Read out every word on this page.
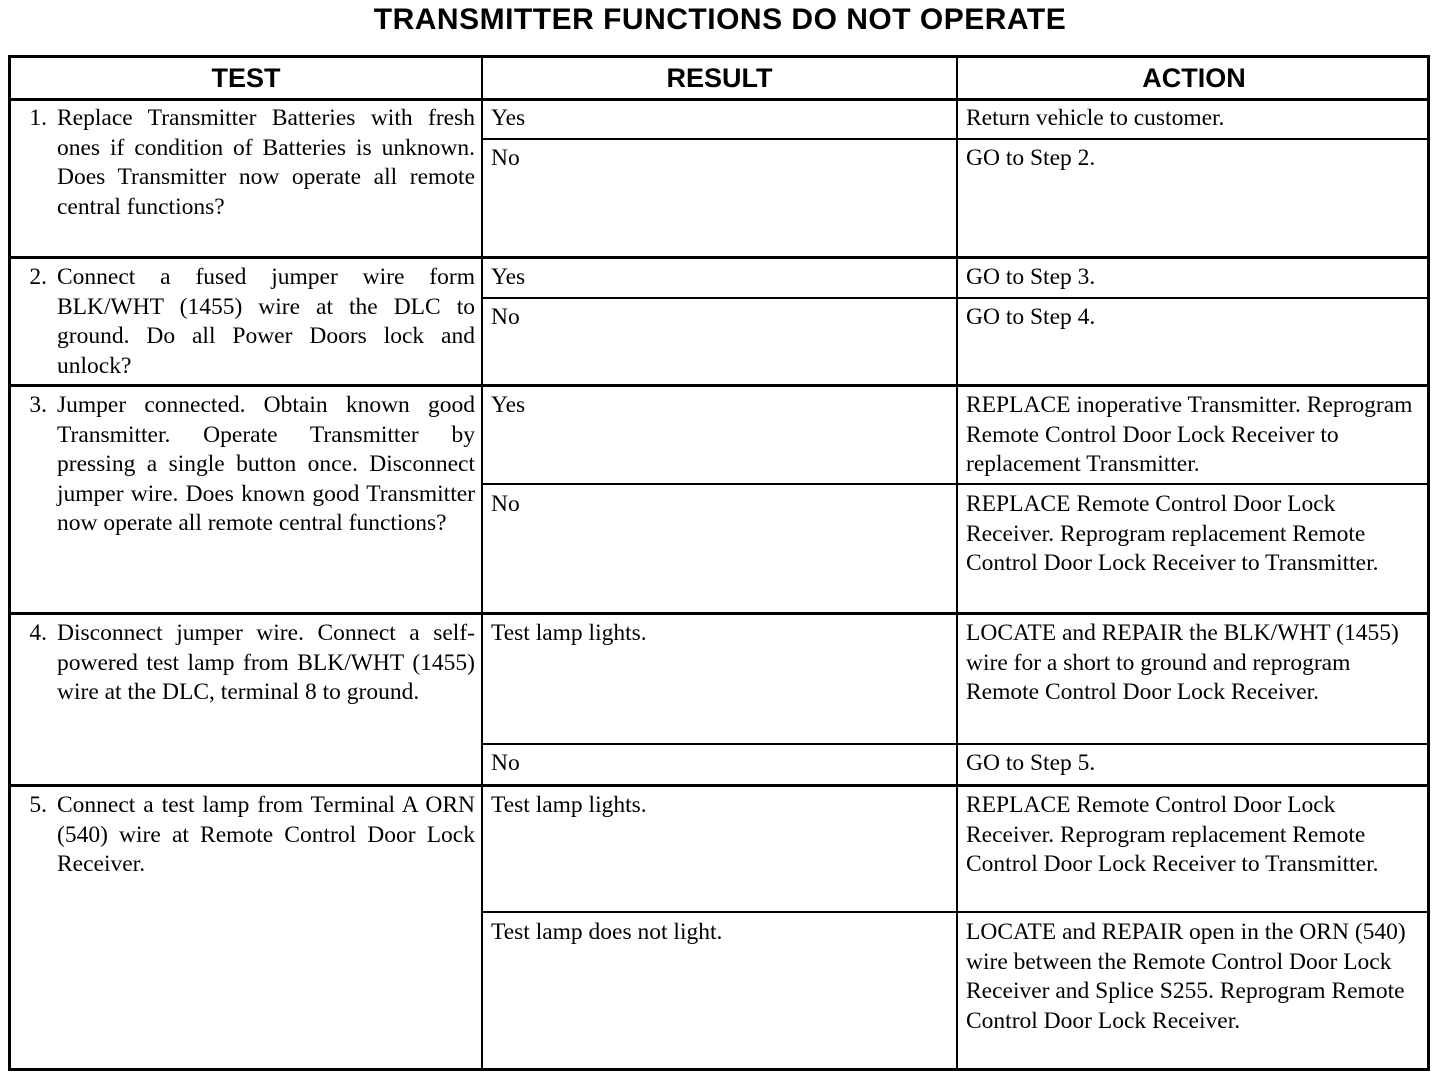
TRANSMITTER FUNCTIONS DO NOT OPERATE
TEST	RESULT	ACTION
1. Replace Transmitter Batteries with fresh ones if condition of Batteries is unknown. Does Transmitter now operate all remote central functions?
Yes	Return vehicle to customer.
No	GO to Step 2.
2. Connect a fused jumper wire form BLK/WHT (1455) wire at the DLC to ground. Do all Power Doors lock and unlock?
Yes	GO to Step 3.
No	GO to Step 4.
3. Jumper connected. Obtain known good Transmitter. Operate Transmitter by pressing a single button once. Disconnect jumper wire. Does known good Transmitter now operate all remote central functions?
Yes	REPLACE inoperative Transmitter. Reprogram Remote Control Door Lock Receiver to replacement Transmitter.
No	REPLACE Remote Control Door Lock Receiver. Reprogram replacement Remote Control Door Lock Receiver to Transmitter.
4. Disconnect jumper wire. Connect a self-powered test lamp from BLK/WHT (1455) wire at the DLC, terminal 8 to ground.
Test lamp lights.	LOCATE and REPAIR the BLK/WHT (1455) wire for a short to ground and reprogram Remote Control Door Lock Receiver.
No	GO to Step 5.
5. Connect a test lamp from Terminal A ORN (540) wire at Remote Control Door Lock Receiver.
Test lamp lights.	REPLACE Remote Control Door Lock Receiver. Reprogram replacement Remote Control Door Lock Receiver to Transmitter.
Test lamp does not light.	LOCATE and REPAIR open in the ORN (540) wire between the Remote Control Door Lock Receiver and Splice S255. Reprogram Remote Control Door Lock Receiver.
